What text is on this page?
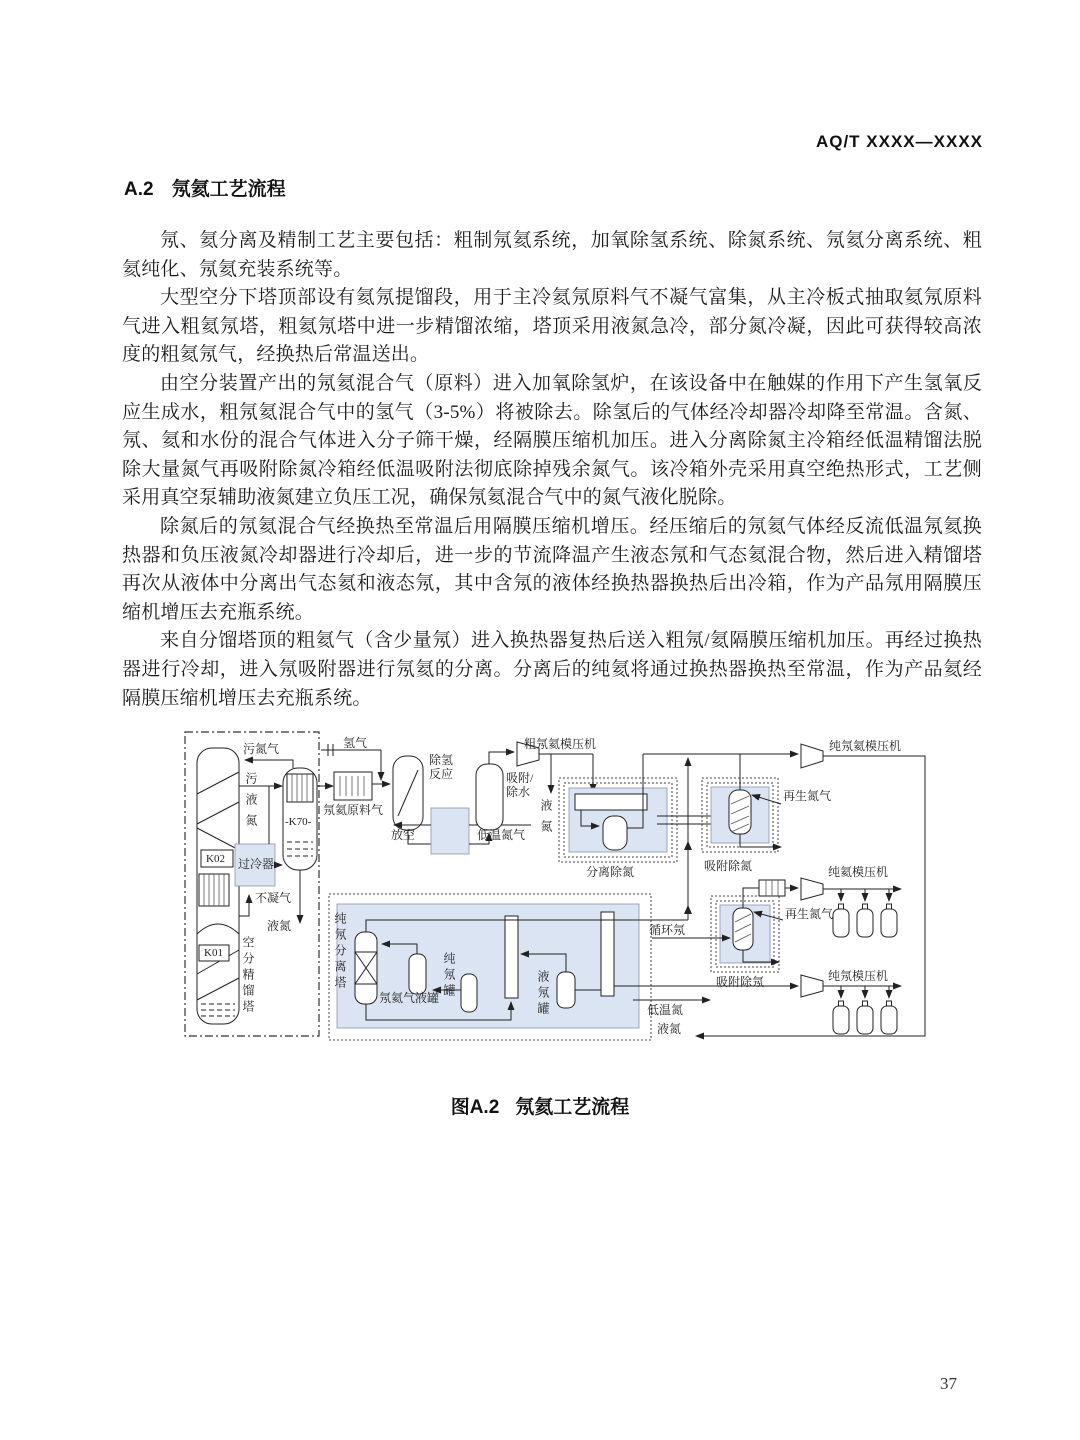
AQ/T XXXX—XXXX
A.2 氖氦工艺流程

氖、氦分离及精制工艺主要包括：粗制氖氦系统，加氧除氢系统、除氮系统、氖氦分离系统、粗氦纯化、氖氦充装系统等。

大型空分下塔顶部设有氦氖提馏段，用于主冷氦氖原料气不凝气富集，从主冷板式抽取氦氖原料气进入粗氦氖塔，粗氦氖塔中进一步精馏浓缩，塔顶采用液氮急冷，部分氮冷凝，因此可获得较高浓度的粗氦氖气，经换热后常温送出。

由空分装置产出的氖氦混合气（原料）进入加氧除氢炉，在该设备中在触媒的作用下产生氢氧反应生成水，粗氖氦混合气中的氢气（3-5%）将被除去。除氢后的气体经冷却器冷却降至常温。含氮、氖、氦和水份的混合气体进入分子筛干燥，经隔膜压缩机加压。进入分离除氮主冷箱经低温精馏法脱除大量氮气再吸附除氮冷箱经低温吸附法彻底除掉残余氮气。该冷箱外壳采用真空绝热形式，工艺侧采用真空泵辅助液氮建立负压工况，确保氖氦混合气中的氮气液化脱除。

除氮后的氖氦混合气经换热至常温后用隔膜压缩机增压。经压缩后的氖氦气体经反流低温氖氦换热器和负压液氮冷却器进行冷却后，进一步的节流降温产生液态氖和气态氦混合物，然后进入精馏塔再次从液体中分离出气态氦和液态氖，其中含氖的液体经换热器换热后出冷箱，作为产品氖用隔膜压缩机增压去充瓶系统。

来自分馏塔顶的粗氦气（含少量氖）进入换热器复热后送入粗氖/氦隔膜压缩机加压。再经过换热器进行冷却，进入氖吸附器进行氖氦的分离。分离后的纯氦将通过换热器换热至常温，作为产品氦经隔膜压缩机增压去充瓶系统。

污氮气
污液氮 -K70-
K02
K01
过冷器
不凝气
液氮
空分精馏塔
氢气
氖氦原料气
除氢反应
放空	低温氮气
吸附/除水
粗氖氦模压机
液氮
分离除氮	吸附除氮
再生氮气
纯氖氦模压机
循环氖
纯氖分离塔
氖氦气液罐 纯氖罐	液氖罐	吸附除氖
再生氮气
纯氦模压机
纯氖模压机
低温氮
液氮
图A.2 氖氦工艺流程
37
